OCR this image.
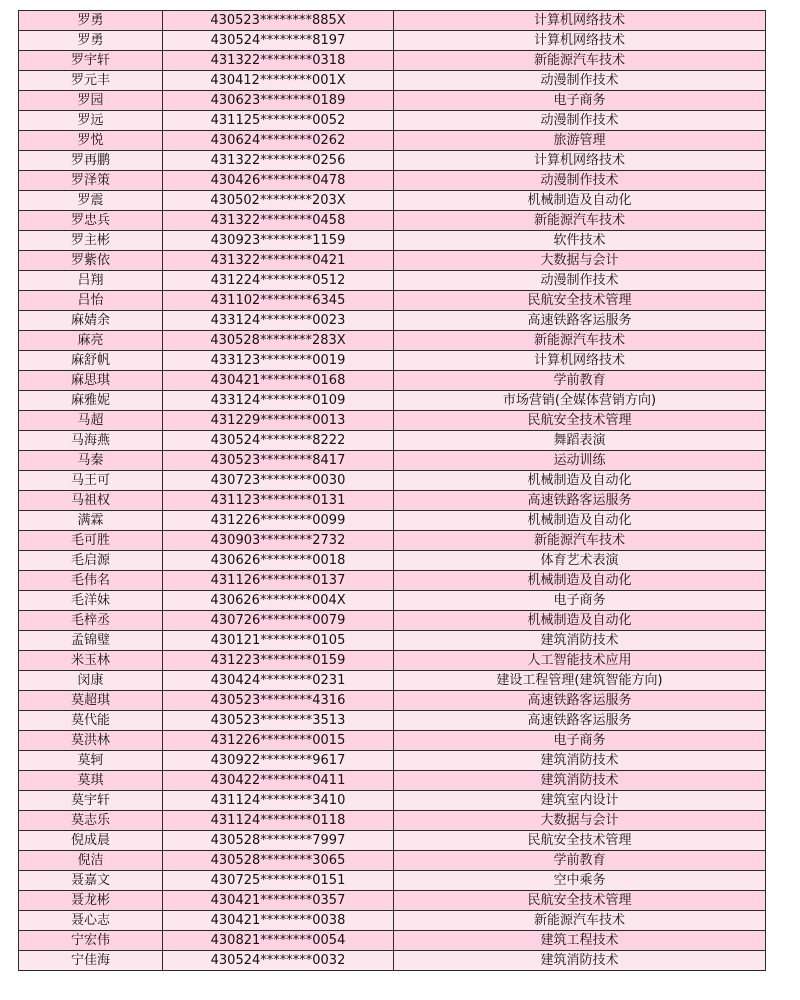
罗勇	430523********885X	计算机网络技术
罗勇	430524********8197	计算机网络技术
罗宇轩	431322********0318	新能源汽车技术
罗元丰	430412********001X	动漫制作技术
罗园	430623********0189	电子商务
罗远	431125********0052	动漫制作技术
罗悦	430624********0262	旅游管理
罗再鹏	431322********0256	计算机网络技术
罗泽策	430426********0478	动漫制作技术
罗震	430502********203X	机械制造及自动化
罗忠兵	431322********0458	新能源汽车技术
罗主彬	430923********1159	软件技术
罗紫依	431322********0421	大数据与会计
吕翔	431224********0512	动漫制作技术
吕怡	431102********6345	民航安全技术管理
麻婧余	433124********0023	高速铁路客运服务
麻亮	430528********283X	新能源汽车技术
麻舒帆	433123********0019	计算机网络技术
麻思琪	430421********0168	学前教育
麻雅妮	433124********0109	市场营销(全媒体营销方向)
马超	431229********0013	民航安全技术管理
马海燕	430524********8222	舞蹈表演
马秦	430523********8417	运动训练
马王可	430723********0030	机械制造及自动化
马祖权	431123********0131	高速铁路客运服务
满霖	431226********0099	机械制造及自动化
毛可胜	430903********2732	新能源汽车技术
毛启源	430626********0018	体育艺术表演
毛伟名	431126********0137	机械制造及自动化
毛洋妹	430626********004X	电子商务
毛梓丞	430726********0079	机械制造及自动化
孟锦璧	430121********0105	建筑消防技术
米玉林	431223********0159	人工智能技术应用
闵康	430424********0231	建设工程管理(建筑智能方向)
莫超琪	430523********4316	高速铁路客运服务
莫代能	430523********3513	高速铁路客运服务
莫洪林	431226********0015	电子商务
莫轲	430922********9617	建筑消防技术
莫琪	430422********0411	建筑消防技术
莫宇轩	431124********3410	建筑室内设计
莫志乐	431124********0118	大数据与会计
倪成晨	430528********7997	民航安全技术管理
倪洁	430528********3065	学前教育
聂嘉文	430725********0151	空中乘务
聂龙彬	430421********0357	民航安全技术管理
聂心志	430421********0038	新能源汽车技术
宁宏伟	430821********0054	建筑工程技术
宁佳海	430524********0032	建筑消防技术
